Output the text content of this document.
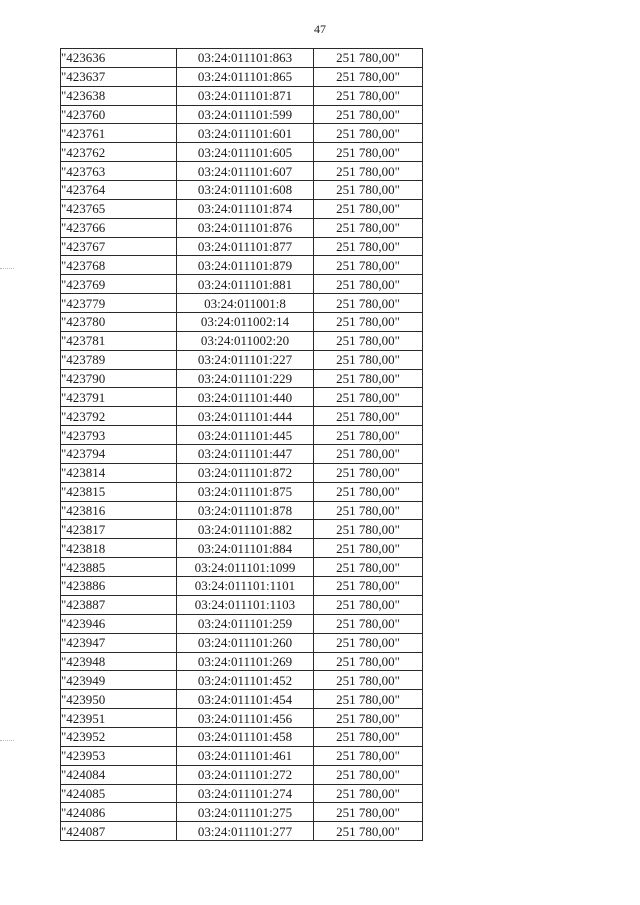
47
"423636	03:24:011101:863	251 780,00"
"423637	03:24:011101:865	251 780,00"
"423638	03:24:011101:871	251 780,00"
"423760	03:24:011101:599	251 780,00"
"423761	03:24:011101:601	251 780,00"
"423762	03:24:011101:605	251 780,00"
"423763	03:24:011101:607	251 780,00"
"423764	03:24:011101:608	251 780,00"
"423765	03:24:011101:874	251 780,00"
"423766	03:24:011101:876	251 780,00"
"423767	03:24:011101:877	251 780,00"
"423768	03:24:011101:879	251 780,00"
"423769	03:24:011101:881	251 780,00"
"423779	03:24:011001:8	251 780,00"
"423780	03:24:011002:14	251 780,00"
"423781	03:24:011002:20	251 780,00"
"423789	03:24:011101:227	251 780,00"
"423790	03:24:011101:229	251 780,00"
"423791	03:24:011101:440	251 780,00"
"423792	03:24:011101:444	251 780,00"
"423793	03:24:011101:445	251 780,00"
"423794	03:24:011101:447	251 780,00"
"423814	03:24:011101:872	251 780,00"
"423815	03:24:011101:875	251 780,00"
"423816	03:24:011101:878	251 780,00"
"423817	03:24:011101:882	251 780,00"
"423818	03:24:011101:884	251 780,00"
"423885	03:24:011101:1099	251 780,00"
"423886	03:24:011101:1101	251 780,00"
"423887	03:24:011101:1103	251 780,00"
"423946	03:24:011101:259	251 780,00"
"423947	03:24:011101:260	251 780,00"
"423948	03:24:011101:269	251 780,00"
"423949	03:24:011101:452	251 780,00"
"423950	03:24:011101:454	251 780,00"
"423951	03:24:011101:456	251 780,00"
"423952	03:24:011101:458	251 780,00"
"423953	03:24:011101:461	251 780,00"
"424084	03:24:011101:272	251 780,00"
"424085	03:24:011101:274	251 780,00"
"424086	03:24:011101:275	251 780,00"
"424087	03:24:011101:277	251 780,00"
